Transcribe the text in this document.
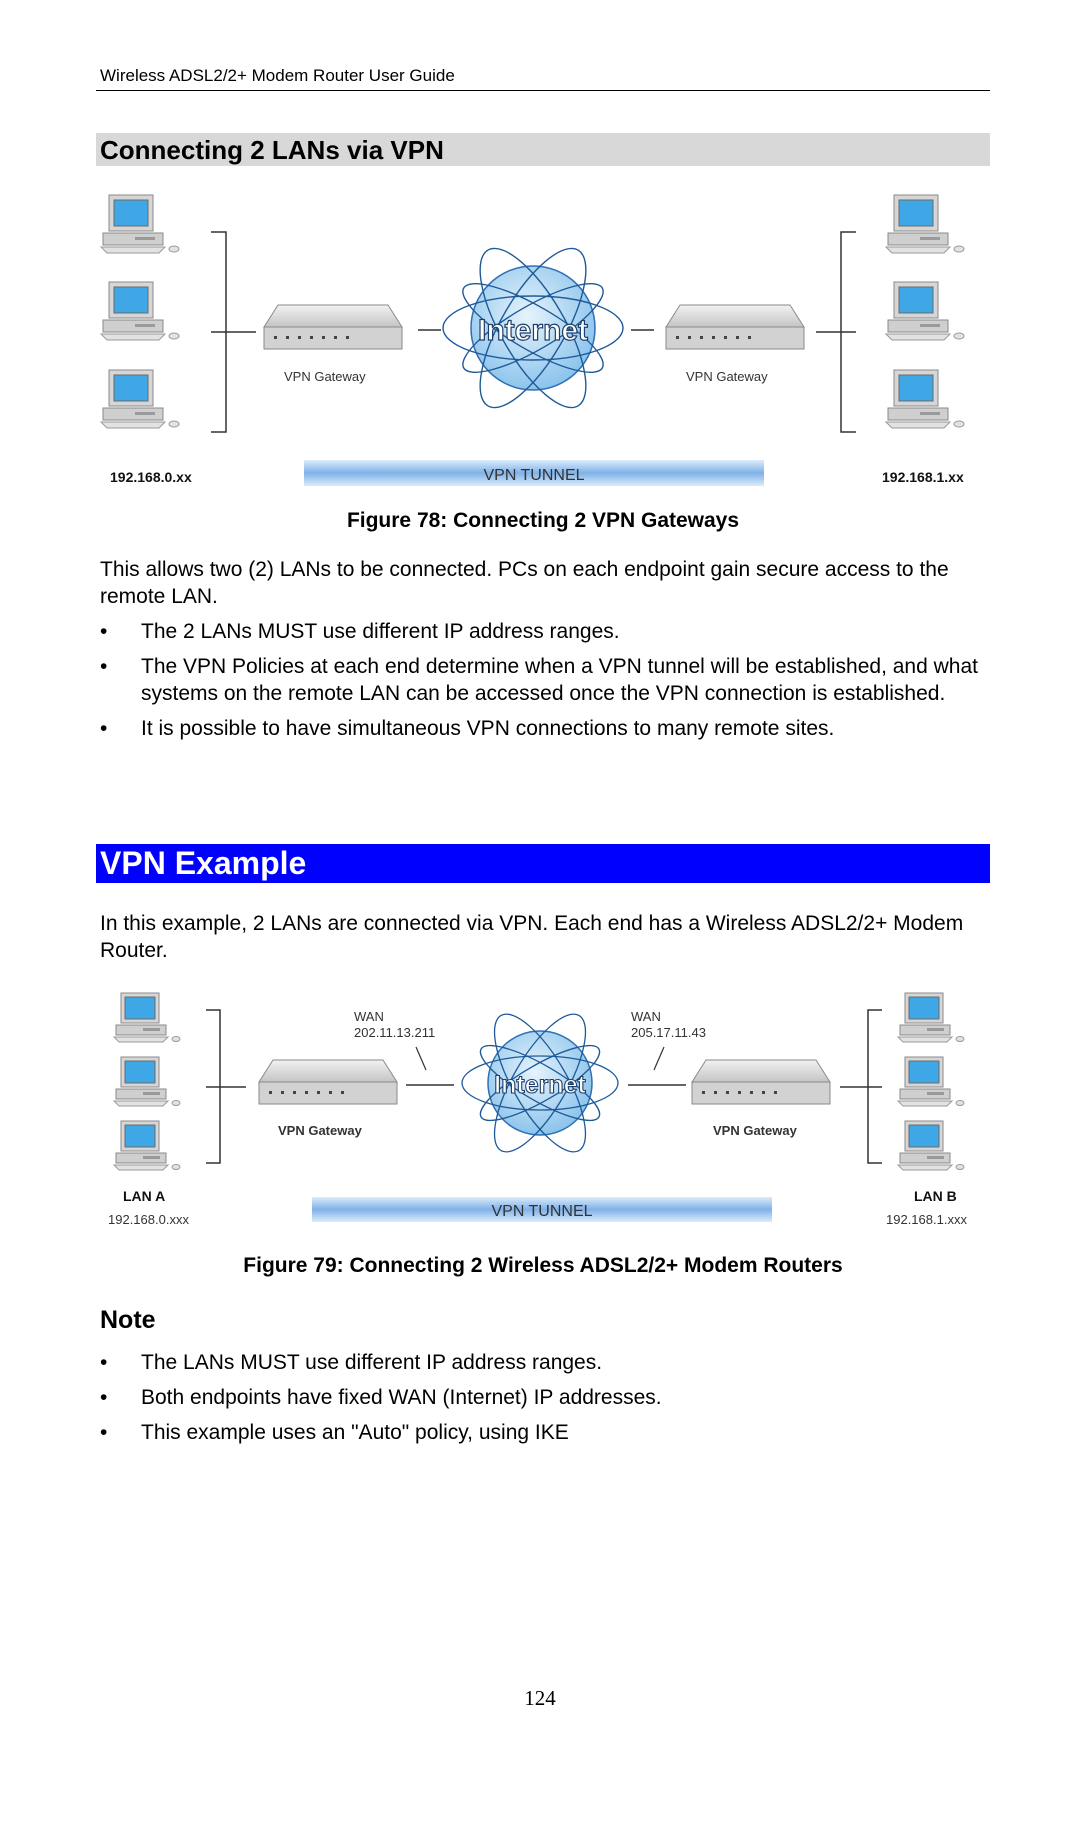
Wireless ADSL2/2+ Modem Router User Guide
Connecting 2 LANs via VPN
VPN Gateway	VPN Gateway
Internet
VPN TUNNEL
192.168.0.xx	192.168.1.xx
Figure 78: Connecting 2 VPN Gateways
This allows two (2) LANs to be connected. PCs on each endpoint gain secure access to the remote LAN.
• The 2 LANs MUST use different IP address ranges.
• The VPN Policies at each end determine when a VPN tunnel will be established, and what systems on the remote LAN can be accessed once the VPN connection is established.
• It is possible to have simultaneous VPN connections to many remote sites.
VPN Example
In this example, 2 LANs are connected via VPN. Each end has a Wireless ADSL2/2+ Modem Router.
VPN Gateway	VPN Gateway
WAN
202.11.13.211
WAN
205.17.11.43
Internet
VPN TUNNEL
LAN A
192.168.0.xxx
LAN B
192.168.1.xxx
Figure 79: Connecting 2 Wireless ADSL2/2+ Modem Routers
Note
• The LANs MUST use different IP address ranges.
• Both endpoints have fixed WAN (Internet) IP addresses.
• This example uses an "Auto" policy, using IKE
124
